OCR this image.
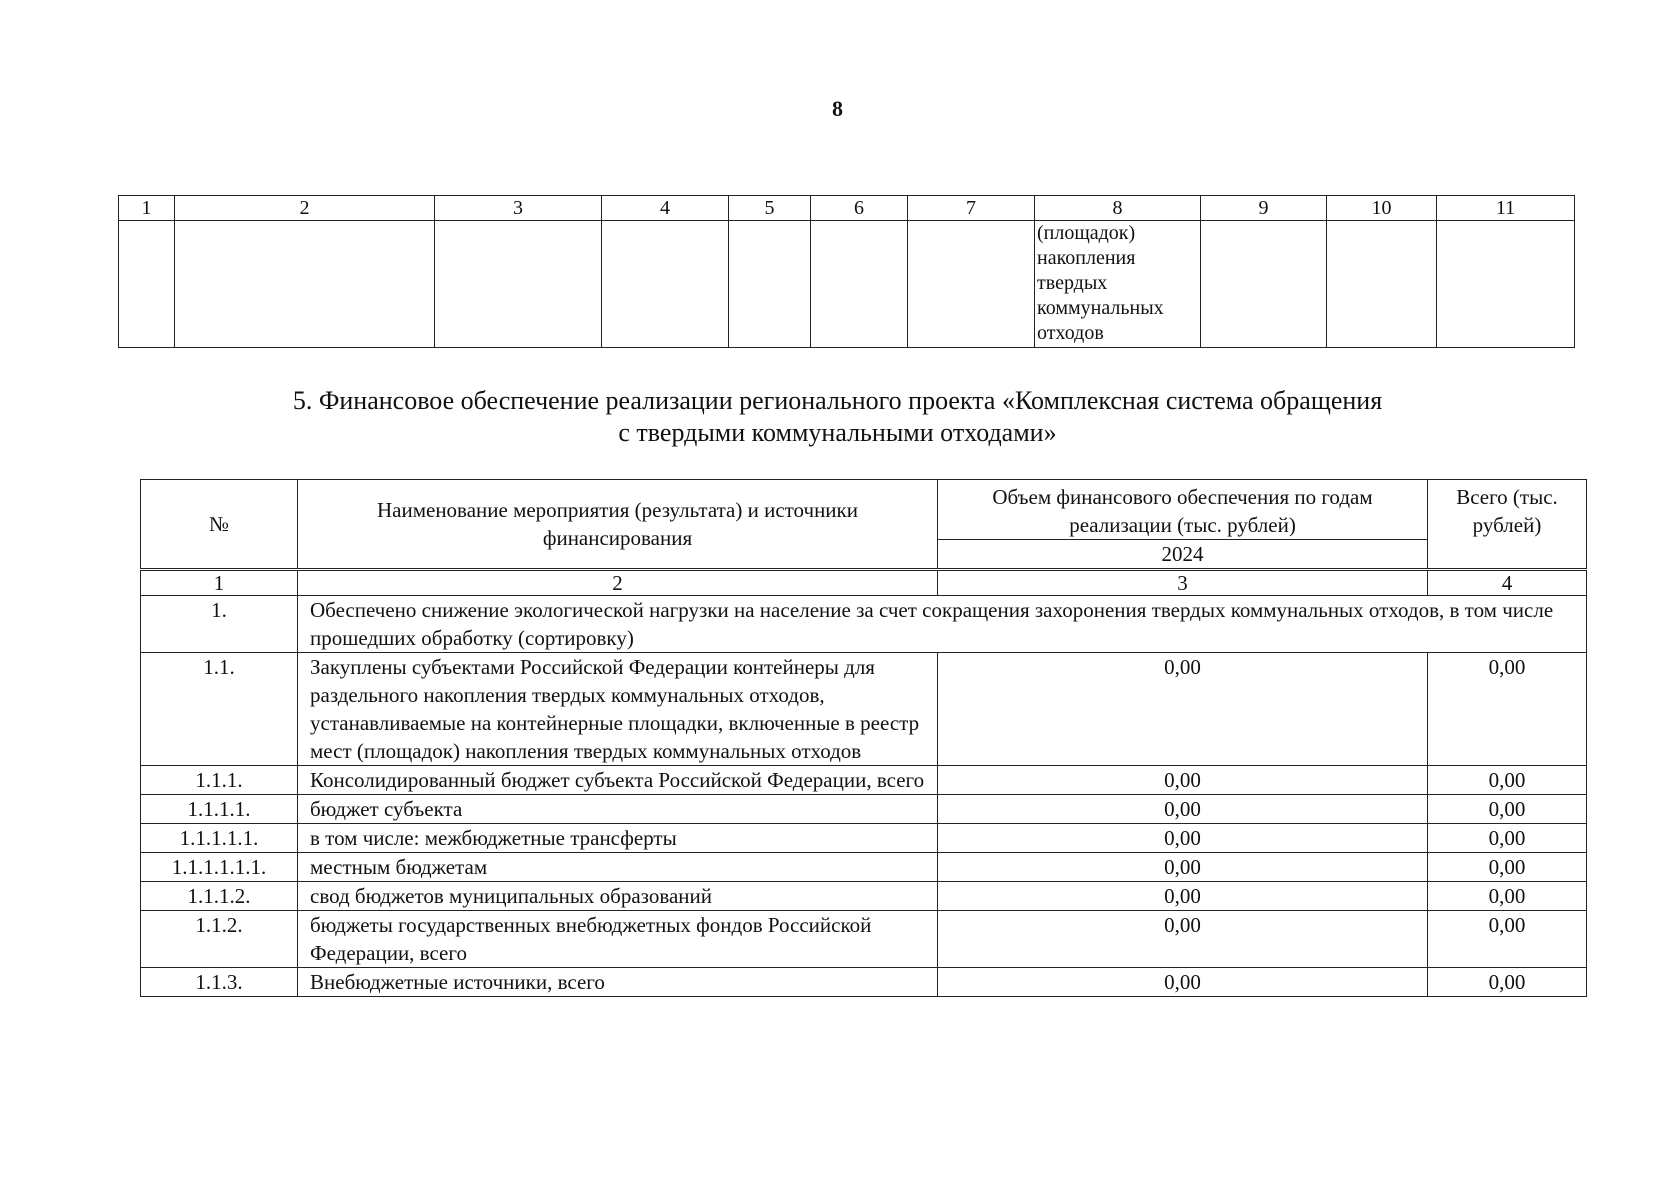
8
1	2	3	4	5	6	7	8	9	10	11

							(площадок)
накопления
твердых
коммунальных
отходов			

5. Финансовое обеспечение реализации регионального проекта «Комплексная система обращения
с твердыми коммунальными отходами»
№	Наименование мероприятия (результата) и источники финансирования	Объем финансового обеспечения по годам реализации (тыс. рублей)	Всего (тыс. рублей)
		2024	
1	2	3	4
1.	Обеспечено снижение экологической нагрузки на население за счет сокращения захоронения твердых коммунальных отходов, в том числе прошедших обработку (сортировку)		
1.1.	Закуплены субъектами Российской Федерации контейнеры для раздельного накопления твердых коммунальных отходов, устанавливаемые на контейнерные площадки, включенные в реестр мест (площадок) накопления твердых коммунальных отходов	0,00	0,00
1.1.1.	Консолидированный бюджет субъекта Российской Федерации, всего	0,00	0,00
1.1.1.1.	бюджет субъекта	0,00	0,00
1.1.1.1.1.	в том числе: межбюджетные трансферты	0,00	0,00
1.1.1.1.1.1.	местным бюджетам	0,00	0,00
1.1.1.2.	свод бюджетов муниципальных образований	0,00	0,00
1.1.2.	бюджеты государственных внебюджетных фондов Российской Федерации, всего	0,00	0,00
1.1.3.	Внебюджетные источники, всего	0,00	0,00
